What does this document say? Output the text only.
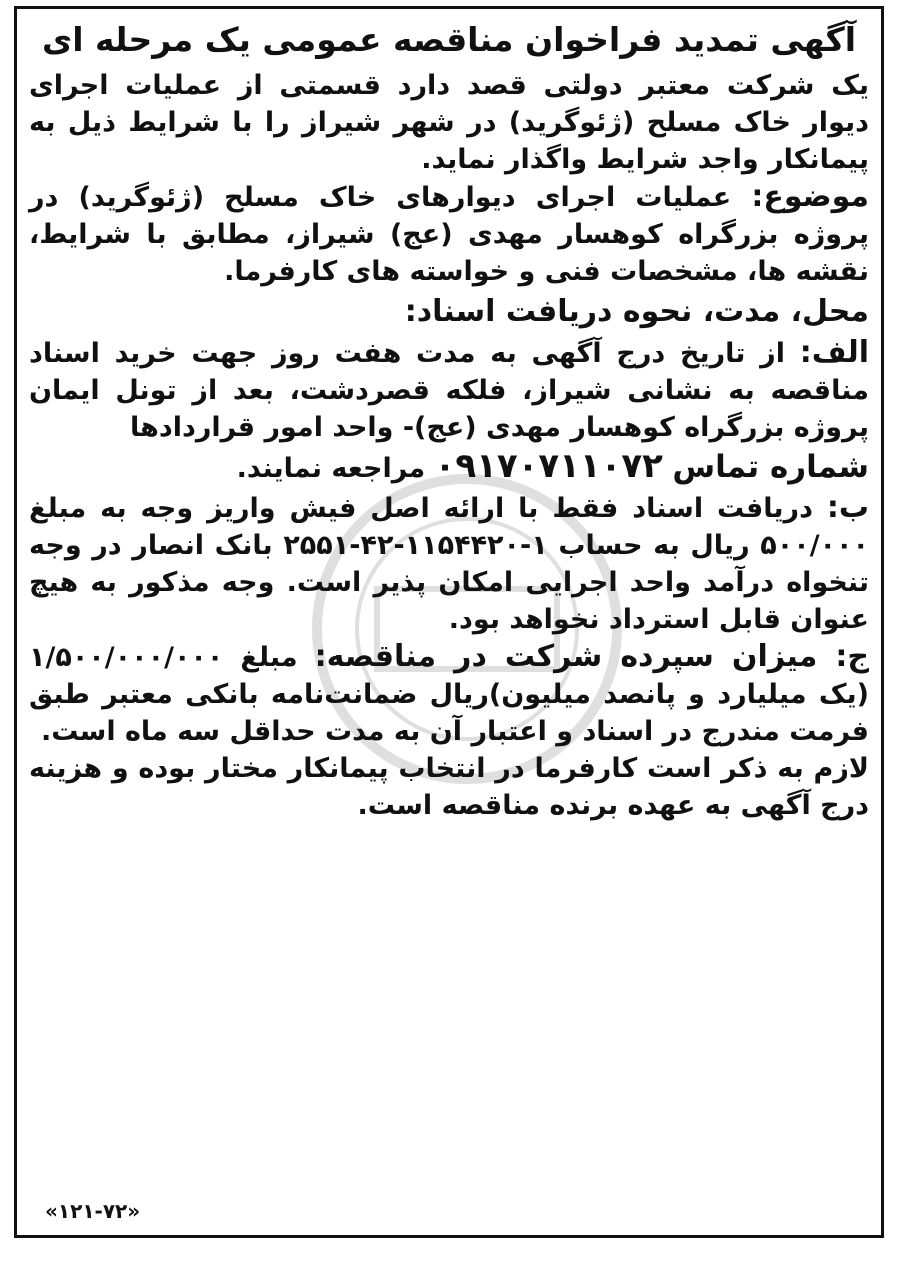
آگهی تمدید فراخوان مناقصه عمومی یک مرحله ای

یک شرکت معتبر دولتی قصد دارد قسمتی از عملیات اجرای دیوار خاک مسلح (ژئوگرید) در شهر شیراز را با شرایط ذیل به پیمانکار واجد شرایط واگذار نماید.

موضوع: عملیات اجرای دیوارهای خاک مسلح (ژئوگرید) در پروژه بزرگراه کوهسار مهدی (عج) شیراز، مطابق با شرایط، نقشه ها، مشخصات فنی و خواسته های کارفرما.

محل، مدت، نحوه دریافت اسناد:

الف: از تاریخ درج آگهی به مدت هفت روز جهت خرید اسناد مناقصه به نشانی شیراز، فلکه قصردشت، بعد از تونل ایمان پروژه بزرگراه کوهسار مهدی (عج)- واحد امور قراردادها

شماره تماس ۰۹۱۷۰۷۱۱۰۷۲ مراجعه نمایند.

ب: دریافت اسناد فقط با ارائه اصل فیش واریز وجه به مبلغ ۵۰۰/۰۰۰ ریال به حساب ۱-۱۱۵۴۴۲۰-۴۲-۲۵۵۱ بانک انصار در وجه تنخواه درآمد واحد اجرایی امکان پذیر است. وجه مذکور به هیچ عنوان قابل استرداد نخواهد بود.

ج: میزان سپرده شرکت در مناقصه: مبلغ ۱/۵۰۰/۰۰۰/۰۰۰ (یک میلیارد و پانصد میلیون)ریال ضمانت‌نامه بانکی معتبر طبق فرمت مندرج در اسناد و اعتبار آن به مدت حداقل سه ماه است.

لازم به ذکر است کارفرما در انتخاب پیمانکار مختار بوده و هزینه درج آگهی به عهده برنده مناقصه است.

«۱۲۱-۷۲»
